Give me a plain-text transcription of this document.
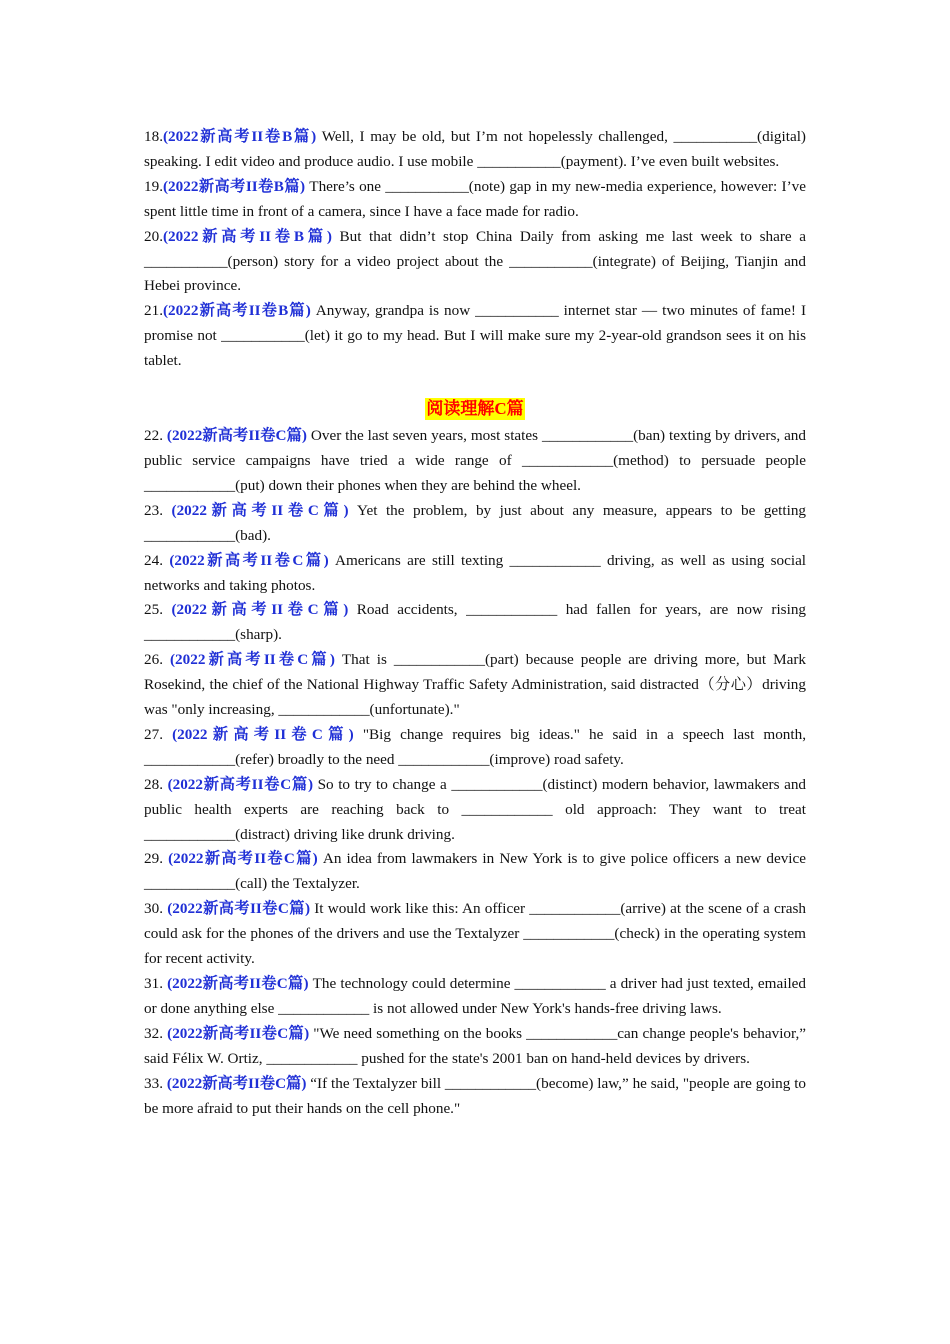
18.(2022新高考II卷B篇) Well, I may be old, but I’m not hopelessly challenged, ___________(digital) speaking. I edit video and produce audio. I use mobile ___________(payment). I’ve even built websites.

19.(2022新高考II卷B篇) There’s one ___________(note) gap in my new-media experience, however: I’ve spent little time in front of a camera, since I have a face made for radio.

20.(2022新高考II卷B篇) But that didn’t stop China Daily from asking me last week to share a ___________(person) story for a video project about the ___________(integrate) of Beijing, Tianjin and Hebei province.

21.(2022新高考II卷B篇) Anyway, grandpa is now ___________ internet star — two minutes of fame! I promise not ___________(let) it go to my head. But I will make sure my 2-year-old grandson sees it on his tablet.

阅读理解C篇

22. (2022新高考II卷C篇) Over the last seven years, most states ____________(ban) texting by drivers, and public service campaigns have tried a wide range of ____________(method) to persuade people ____________(put) down their phones when they are behind the wheel.

23. (2022新高考II卷C篇) Yet the problem, by just about any measure, appears to be getting ____________(bad).

24. (2022新高考II卷C篇) Americans are still texting ____________ driving, as well as using social networks and taking photos.

25. (2022新高考II卷C篇) Road accidents, ____________ had fallen for years, are now rising ____________(sharp).

26. (2022新高考II卷C篇) That is ____________(part) because people are driving more, but Mark Rosekind, the chief of the National Highway Traffic Safety Administration, said distracted（分心）driving was "only increasing, ____________(unfortunate)."

27. (2022新高考II卷C篇) "Big change requires big ideas." he said in a speech last month, ____________(refer) broadly to the need ____________(improve) road safety.

28. (2022新高考II卷C篇) So to try to change a ____________(distinct) modern behavior, lawmakers and public health experts are reaching back to ____________ old approach: They want to treat ____________(distract) driving like drunk driving.

29. (2022新高考II卷C篇) An idea from lawmakers in New York is to give police officers a new device ____________(call) the Textalyzer.

30. (2022新高考II卷C篇) It would work like this: An officer ____________(arrive) at the scene of a crash could ask for the phones of the drivers and use the Textalyzer ____________(check) in the operating system for recent activity.

31. (2022新高考II卷C篇) The technology could determine ____________ a driver had just texted, emailed or done anything else ____________ is not allowed under New York's hands-free driving laws.

32. (2022新高考II卷C篇) "We need something on the books ____________can change people's behavior,” said Félix W. Ortiz, ____________ pushed for the state's 2001 ban on hand-held devices by drivers.

33. (2022新高考II卷C篇) “If the Textalyzer bill ____________(become) law,” he said, "people are going to be more afraid to put their hands on the cell phone."
